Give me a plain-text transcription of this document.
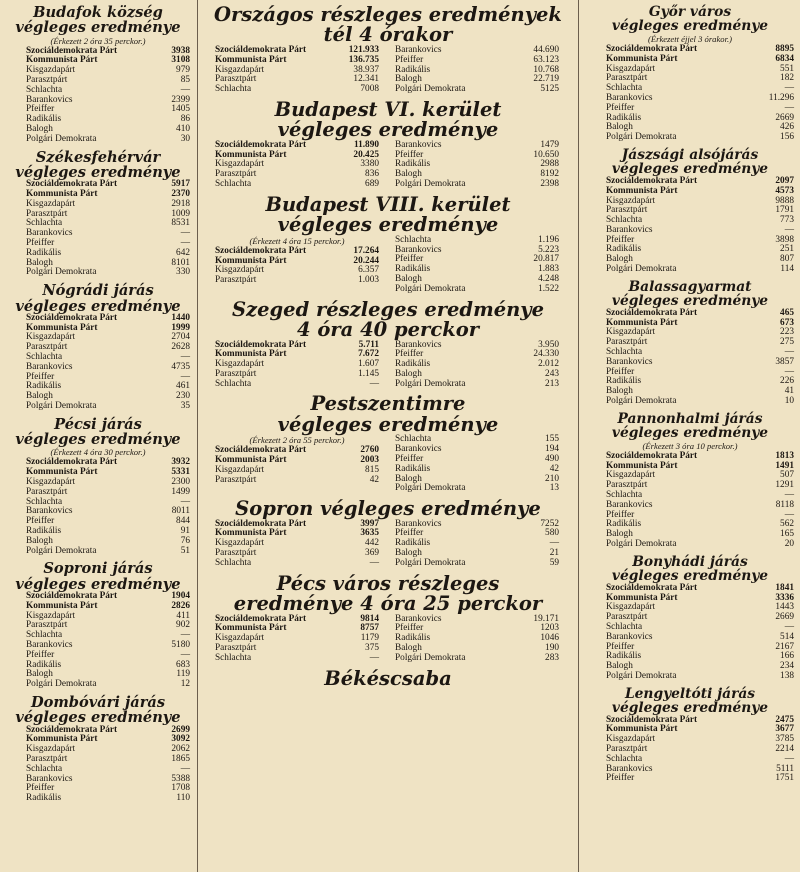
Budafok község
végleges eredménye
(Érkezett 2 óra 35 perckor.)
Szociáldemokrata Párt	3938
Kommunista Párt	3108
Kisgazdapárt	979
Parasztpárt	85
Schlachta	—
Barankovics	2399
Pfeiffer	1405
Radikális	86
Balogh	410
Polgári Demokrata	30
Székesfehérvár
végleges eredménye
Szociáldemokrata Párt	5917
Kommunista Párt	2370
Kisgazdapárt	2918
Parasztpárt	1009
Schlachta	8531
Barankovics	—
Pfeiffer	—
Radikális	642
Balogh	8101
Polgári Demokrata	330
Nógrádi járás
végleges eredménye
Szociáldemokrata Párt	1440
Kommunista Párt	1999
Kisgazdapárt	2704
Parasztpárt	2628
Schlachta	—
Barankovics	4735
Pfeiffer	—
Radikális	461
Balogh	230
Polgári Demokrata	35
Pécsi járás
végleges eredménye
(Érkezett 4 óra 30 perckor.)
Szociáldemokrata Párt	3932
Kommunista Párt	5331
Kisgazdapárt	2300
Parasztpárt	1499
Schlachta	—
Barankovics	8011
Pfeiffer	844
Radikális	91
Balogh	76
Polgári Demokrata	51
Soproni járás
végleges eredménye
Szociáldemokrata Párt	1904
Kommunista Párt	2826
Kisgazdapárt	411
Parasztpárt	902
Schlachta	—
Barankovics	5180
Pfeiffer	—
Radikális	683
Balogh	119
Polgári Demokrata	12
Dombóvári járás
végleges eredménye
Szociáldemokrata Párt	2699
Kommunista Párt	3092
Kisgazdapárt	2062
Parasztpárt	1865
Schlachta	—
Barankovics	5388
Pfeiffer	1708
Radikális	110
Országos részleges eredmények
tél 4 órakor
Szociáldemokrata Párt	121.933
Kommunista Párt	136.735
Kisgazdapárt	38.937
Parasztpárt	12.341
Schlachta	7008
Barankovics	44.690
Pfeiffer	63.123
Radikális	10.768
Balogh	22.719
Polgári Demokrata	5125
Budapest VI. kerület
végleges eredménye
Szociáldemokrata Párt	11.890
Kommunista Párt	20.425
Kisgazdapárt	3380
Parasztpárt	836
Schlachta	689
Barankovics	1479
Pfeiffer	10.650
Radikális	2988
Balogh	8192
Polgári Demokrata	2398
Budapest VIII. kerület
végleges eredménye
(Érkezett 4 óra 15 perckor.)
Szociáldemokrata Párt	17.264
Kommunista Párt	20.244
Kisgazdapárt	6.357
Parasztpárt	1.003
Schlachta	1.196
Barankovics	5.223
Pfeiffer	20.817
Radikális	1.883
Balogh	4.248
Polgári Demokrata	1.522
Szeged részleges eredménye
4 óra 40 perckor
Szociáldemokrata Párt	5.711
Kommunista Párt	7.672
Kisgazdapárt	1.607
Parasztpárt	1.145
Schlachta	—
Barankovics	3.950
Pfeiffer	24.330
Radikális	2.012
Balogh	243
Polgári Demokrata	213
Pestszentimre
végleges eredménye
(Érkezett 2 óra 55 perckor.)
Szociáldemokrata Párt	2760
Kommunista Párt	2003
Kisgazdapárt	815
Parasztpárt	42
Schlachta	155
Barankovics	194
Pfeiffer	490
Radikális	42
Balogh	210
Polgári Demokrata	13
Sopron végleges eredménye
Szociáldemokrata Párt	3997
Kommunista Párt	3635
Kisgazdapárt	442
Parasztpárt	369
Schlachta	—
Barankovics	7252
Pfeiffer	580
Radikális	—
Balogh	21
Polgári Demokrata	59
Pécs város részleges
eredménye 4 óra 25 perckor
Szociáldemokrata Párt	9814
Kommunista Párt	8757
Kisgazdapárt	1179
Parasztpárt	375
Schlachta	—
Barankovics	19.171
Pfeiffer	1203
Radikális	1046
Balogh	190
Polgári Demokrata	283
Békéscsaba
Győr város
végleges eredménye
(Érkezett éjjel 3 órakor.)
Szociáldemokrata Párt	8895
Kommunista Párt	6834
Kisgazdapárt	551
Parasztpárt	182
Schlachta	—
Barankovics	11.296
Pfeiffer	—
Radikális	2669
Balogh	426
Polgári Demokrata	156
Jászsági alsójárás
végleges eredménye
Szociáldemokrata Párt	2097
Kommunista Párt	4573
Kisgazdapárt	9888
Parasztpárt	1791
Schlachta	773
Barankovics	—
Pfeiffer	3898
Radikális	251
Balogh	807
Polgári Demokrata	114
Balassagyarmat
végleges eredménye
Szociáldemokrata Párt	465
Kommunista Párt	673
Kisgazdapárt	223
Parasztpárt	275
Schlachta	—
Barankovics	3857
Pfeiffer	—
Radikális	226
Balogh	41
Polgári Demokrata	10
Pannonhalmi járás
végleges eredménye
(Érkezett 3 óra 10 perckor.)
Szociáldemokrata Párt	1813
Kommunista Párt	1491
Kisgazdapárt	507
Parasztpárt	1291
Schlachta	—
Barankovics	8118
Pfeiffer	—
Radikális	562
Balogh	165
Polgári Demokrata	20
Bonyhádi járás
végleges eredménye
Szociáldemokrata Párt	1841
Kommunista Párt	3336
Kisgazdapárt	1443
Parasztpárt	2669
Schlachta	—
Barankovics	514
Pfeiffer	2167
Radikális	166
Balogh	234
Polgári Demokrata	138
Lengyeltóti járás
végleges eredménye
Szociáldemokrata Párt	2475
Kommunista Párt	3677
Kisgazdapárt	3785
Parasztpárt	2214
Schlachta	—
Barankovics	5111
Pfeiffer	1751
